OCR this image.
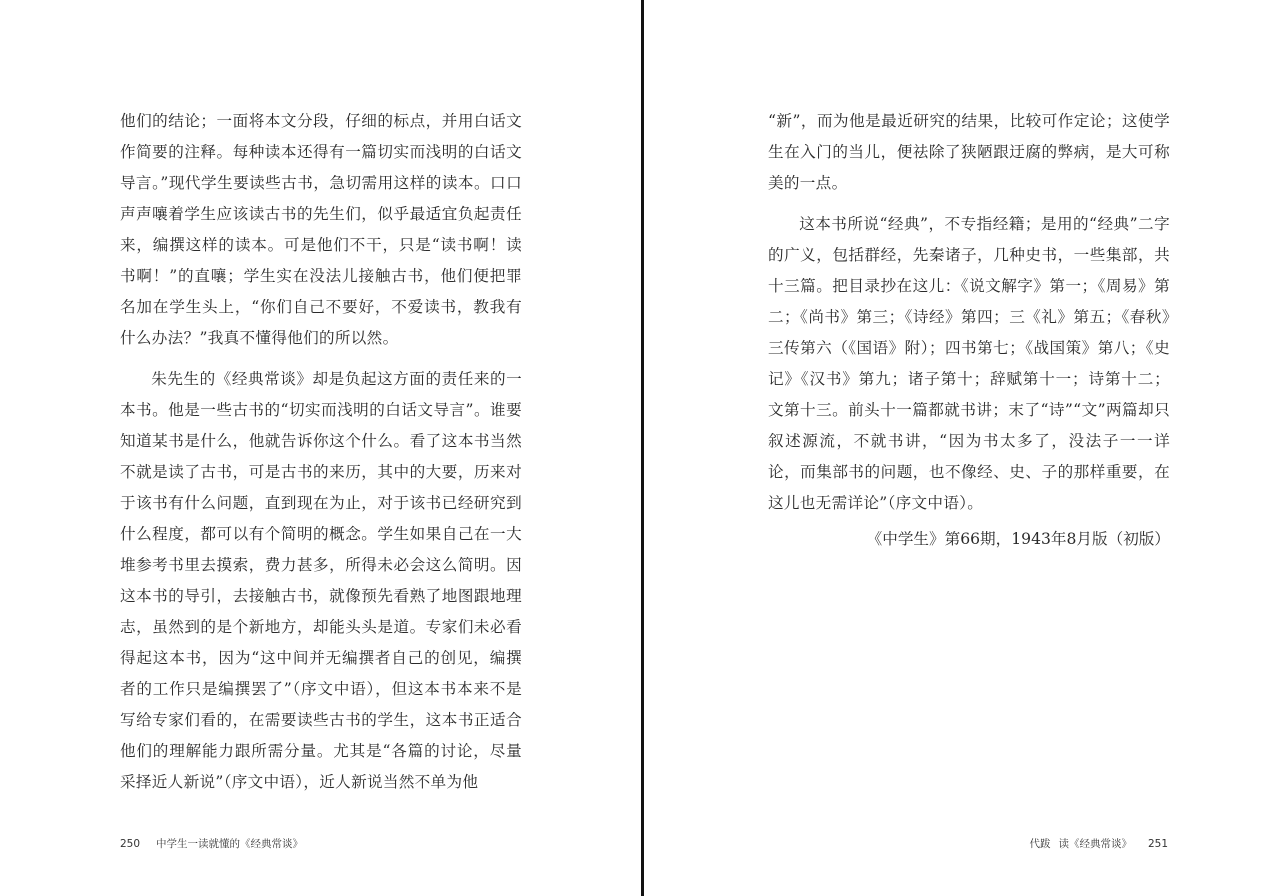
他们的结论；一面将本文分段，仔细的标点，并用白话文作简要的注释。每种读本还得有一篇切实而浅明的白话文导言。”现代学生要读些古书，急切需用这样的读本。口口声声嚷着学生应该读古书的先生们，似乎最适宜负起责任来，编撰这样的读本。可是他们不干，只是“读书啊！读书啊！”的直嚷；学生实在没法儿接触古书，他们便把罪名加在学生头上，“你们自己不要好，不爱读书，教我有什么办法？”我真不懂得他们的所以然。

朱先生的《经典常谈》却是负起这方面的责任来的一本书。他是一些古书的“切实而浅明的白话文导言”。谁要知道某书是什么，他就告诉你这个什么。看了这本书当然不就是读了古书，可是古书的来历，其中的大要，历来对于该书有什么问题，直到现在为止，对于该书已经研究到什么程度，都可以有个简明的概念。学生如果自己在一大堆参考书里去摸索，费力甚多，所得未必会这么简明。因这本书的导引，去接触古书，就像预先看熟了地图跟地理志，虽然到的是个新地方，却能头头是道。专家们未必看得起这本书，因为“这中间并无编撰者自己的创见，编撰者的工作只是编撰罢了”（序文中语），但这本书本来不是写给专家们看的，在需要读些古书的学生，这本书正适合他们的理解能力跟所需分量。尤其是“各篇的讨论，尽量采择近人新说”（序文中语），近人新说当然不单为他

250 中学生一读就懂的《经典常谈》

“新”，而为他是最近研究的结果，比较可作定论；这使学生在入门的当儿，便祛除了狭陋跟迂腐的弊病，是大可称美的一点。

这本书所说“经典”，不专指经籍；是用的“经典”二字的广义，包括群经，先秦诸子，几种史书，一些集部，共十三篇。把目录抄在这儿：《说文解字》第一；《周易》第二；《尚书》第三；《诗经》第四；三《礼》第五；《春秋》三传第六（《国语》附）；四书第七；《战国策》第八；《史记》《汉书》第九；诸子第十；辞赋第十一；诗第十二；文第十三。前头十一篇都就书讲；末了“诗”“文”两篇却只叙述源流，不就书讲，“因为书太多了，没法子一一详论，而集部书的问题，也不像经、史、子的那样重要，在这儿也无需详论”（序文中语）。

《中学生》第66期，1943年8月版（初版）
代跋 读《经典常谈》 251
